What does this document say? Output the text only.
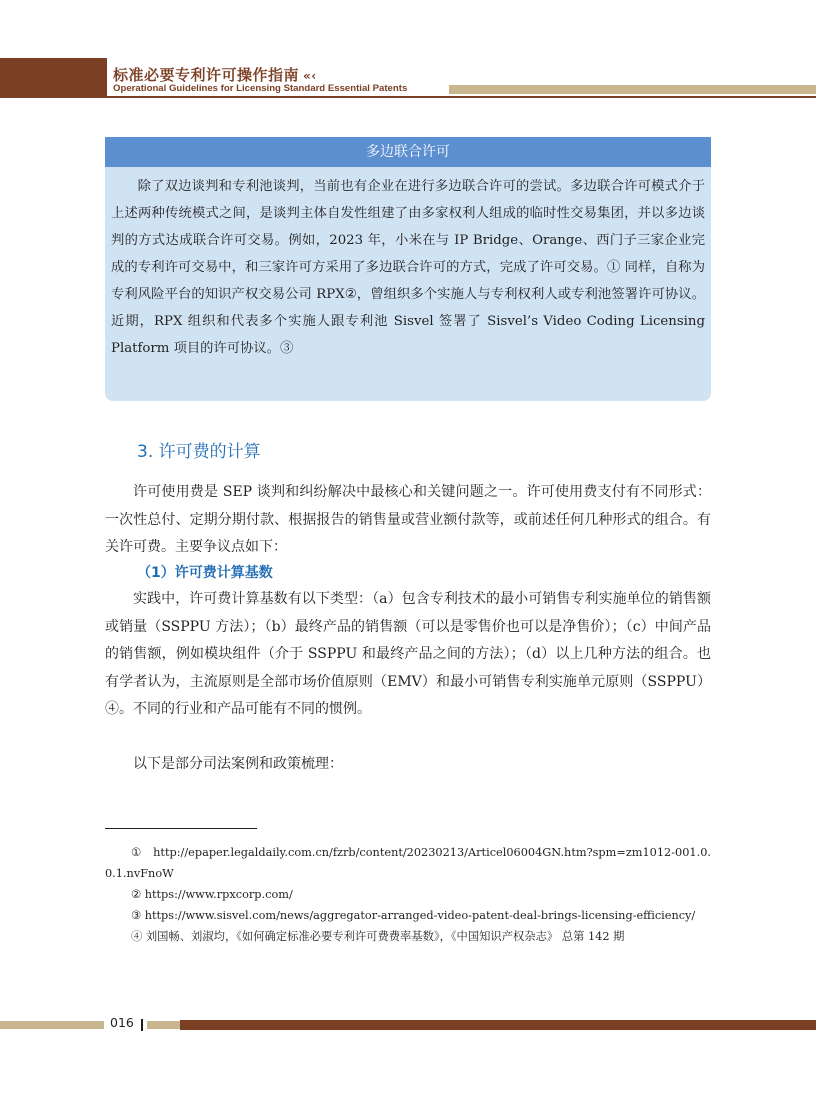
标准必要专利许可操作指南 «‹
Operational Guidelines for Licensing Standard Essential Patents
多边联合许可

除了双边谈判和专利池谈判，当前也有企业在进行多边联合许可的尝试。多边联合许可模式介于上述两种传统模式之间，是谈判主体自发性组建了由多家权利人组成的临时性交易集团，并以多边谈判的方式达成联合许可交易。例如，2023 年，小米在与 IP Bridge、Orange、西门子三家企业完成的专利许可交易中，和三家许可方采用了多边联合许可的方式，完成了许可交易。① 同样，自称为专利风险平台的知识产权交易公司 RPX②，曾组织多个实施人与专利权利人或专利池签署许可协议。近期，RPX 组织和代表多个实施人跟专利池 Sisvel 签署了 Sisvel’s Video Coding Licensing Platform 项目的许可协议。③

3. 许可费的计算

许可使用费是 SEP 谈判和纠纷解决中最核心和关键问题之一。许可使用费支付有不同形式：一次性总付、定期分期付款、根据报告的销售量或营业额付款等，或前述任何几种形式的组合。有关许可费。主要争议点如下：

（1）许可费计算基数

实践中，许可费计算基数有以下类型：（a）包含专利技术的最小可销售专利实施单位的销售额或销量（SSPPU 方法）；（b）最终产品的销售额（可以是零售价也可以是净售价）；（c）中间产品的销售额，例如模块组件（介于 SSPPU 和最终产品之间的方法）；（d）以上几种方法的组合。也有学者认为，主流原则是全部市场价值原则（EMV）和最小可销售专利实施单元原则（SSPPU）④。不同的行业和产品可能有不同的惯例。

以下是部分司法案例和政策梳理：

① http://epaper.legaldaily.com.cn/fzrb/content/20230213/Articel06004GN.htm?spm=zm1012-001.0.0.1.nvFnoW

② https://www.rpxcorp.com/

③ https://www.sisvel.com/news/aggregator-arranged-video-patent-deal-brings-licensing-efficiency/

④ 刘国畅、刘淑均，《如何确定标准必要专利许可费费率基数》，《中国知识产权杂志》 总第 142 期

016
